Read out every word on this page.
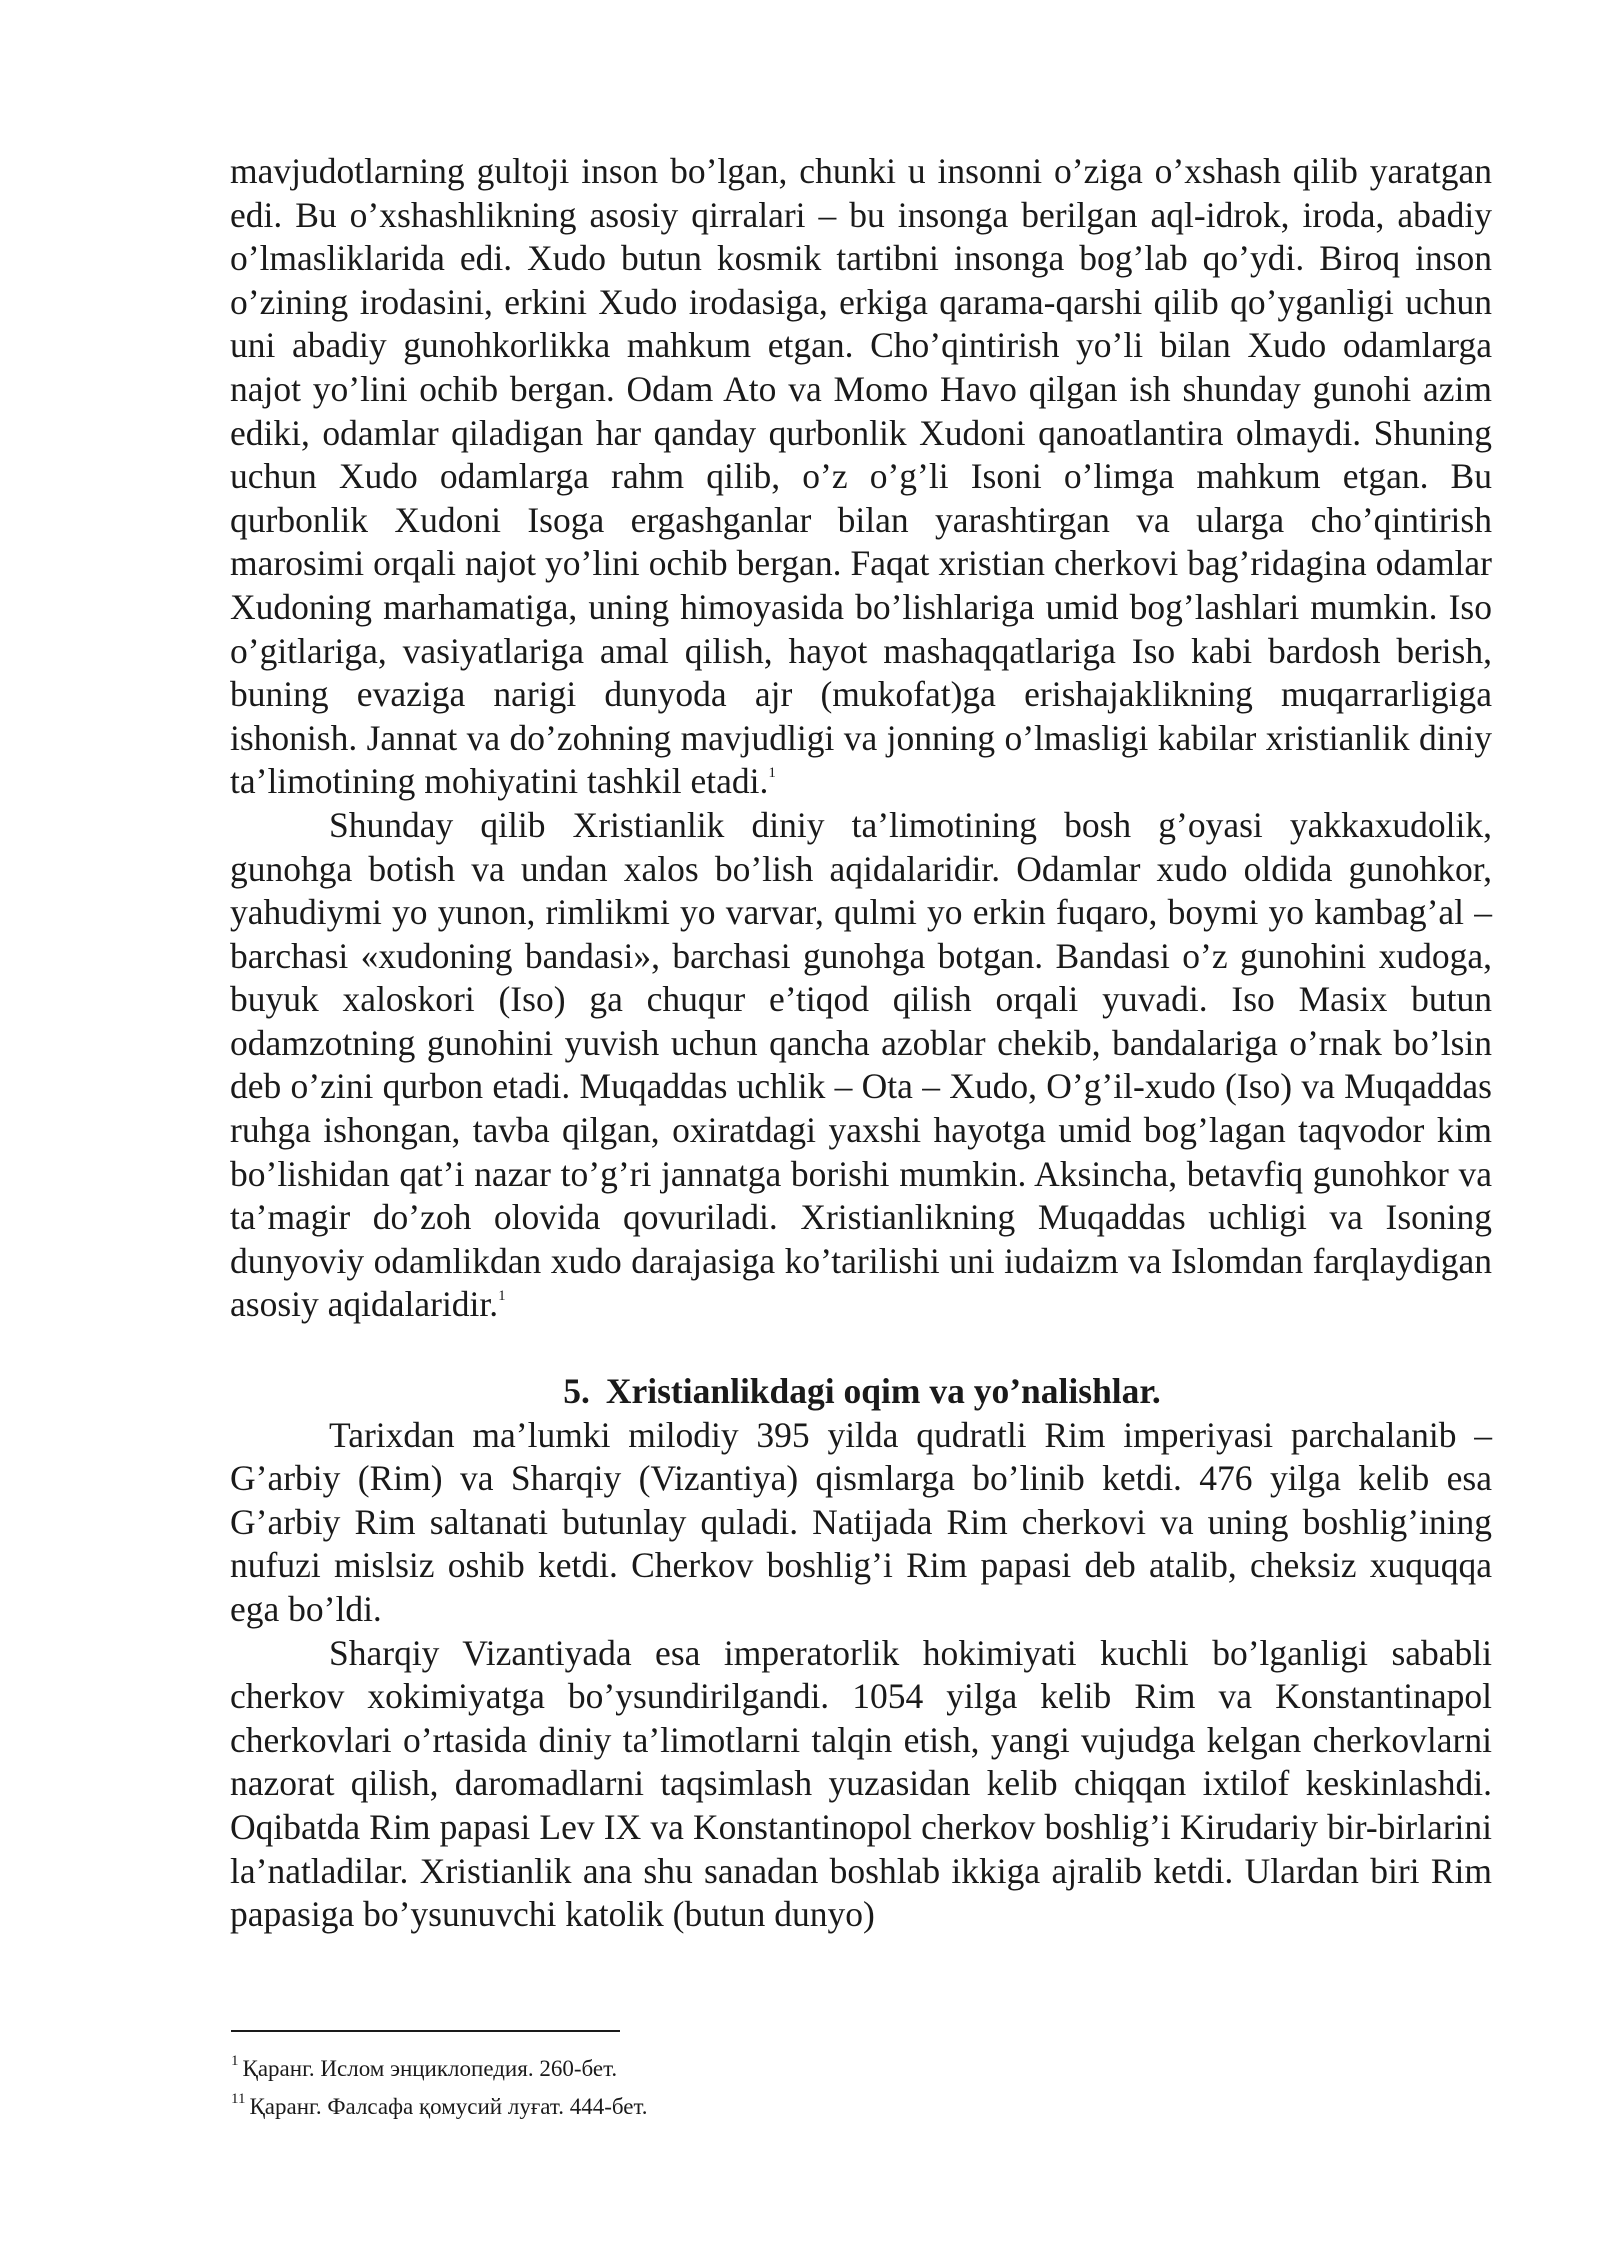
mavjudotlarning gultoji inson bo’lgan, chunki u insonni o’ziga o’xshash qilib yaratgan edi. Bu o’xshashlikning asosiy qirralari – bu insonga berilgan aql-idrok, iroda, abadiy o’lmasliklarida edi. Xudo butun kosmik tartibni insonga bog’lab qo’ydi. Biroq inson o’zining irodasini, erkini Xudo irodasiga, erkiga qarama-qarshi qilib qo’yganligi uchun uni abadiy gunohkorlikka mahkum etgan. Cho’qintirish yo’li bilan Xudo odamlarga najot yo’lini ochib bergan. Odam Ato va Momo Havo qilgan ish shunday gunohi azim ediki, odamlar qiladigan har qanday qurbonlik Xudoni qanoatlantira olmaydi. Shuning uchun Xudo odamlarga rahm qilib, o’z o’g’li Isoni o’limga mahkum etgan. Bu qurbonlik Xudoni Isoga ergashganlar bilan yarashtirgan va ularga cho’qintirish marosimi orqali najot yo’lini ochib bergan. Faqat xristian cherkovi bag’ridagina odamlar Xudoning marhamatiga, uning himoyasida bo’lishlariga umid bog’lashlari mumkin. Iso o’gitlariga, vasiyatlariga amal qilish, hayot mashaqqatlariga Iso kabi bardosh berish, buning evaziga narigi dunyoda ajr (mukofat)ga erishajaklikning muqarrarligiga ishonish. Jannat va do’zohning mavjudligi va jonning o’lmasligi kabilar xristianlik diniy ta’limotining mohiyatini tashkil etadi.$^1$

Shunday qilib Xristianlik diniy ta’limotining bosh g’oyasi yakkaxudolik, gunohga botish va undan xalos bo’lish aqidalaridir. Odamlar xudo oldida gunohkor, yahudiymi yo yunon, rimlikmi yo varvar, qulmi yo erkin fuqaro, boymi yo kambag’al – barchasi «xudoning bandasi», barchasi gunohga botgan. Bandasi o’z gunohini xudoga, buyuk xaloskori (Iso) ga chuqur e’tiqod qilish orqali yuvadi. Iso Masix butun odamzotning gunohini yuvish uchun qancha azoblar chekib, bandalariga o’rnak bo’lsin deb o’zini qurbon etadi. Muqaddas uchlik – Ota – Xudo, O’g’il-xudo (Iso) va Muqaddas ruhga ishongan, tavba qilgan, oxiratdagi yaxshi hayotga umid bog’lagan taqvodor kim bo’lishidan qat’i nazar to’g’ri jannatga borishi mumkin. Aksincha, betavfiq gunohkor va ta’magir do’zoh olovida qovuriladi. Xristianlikning Muqaddas uchligi va Isoning dunyoviy odamlikdan xudo darajasiga ko’tarilishi uni iudaizm va Islomdan farqlaydigan asosiy aqidalaridir.$^1$

5. Xristianlikdagi oqim va yo’nalishlar.

Tarixdan ma’lumki milodiy 395 yilda qudratli Rim imperiyasi parchalanib – G’arbiy (Rim) va Sharqiy (Vizantiya) qismlarga bo’linib ketdi. 476 yilga kelib esa G’arbiy Rim saltanati butunlay quladi. Natijada Rim cherkovi va uning boshlig’ining nufuzi mislsiz oshib ketdi. Cherkov boshlig’i Rim papasi deb atalib, cheksiz xuquqqa ega bo’ldi.

Sharqiy Vizantiyada esa imperatorlik hokimiyati kuchli bo’lganligi sababli cherkov xokimiyatga bo’ysundirilgandi. 1054 yilga kelib Rim va Konstantinapol cherkovlari o’rtasida diniy ta’limotlarni talqin etish, yangi vujudga kelgan cherkovlarni nazorat qilish, daromadlarni taqsimlash yuzasidan kelib chiqqan ixtilof keskinlashdi. Oqibatda Rim papasi Lev IX va Konstantinopol cherkov boshlig’i Kirudariy bir-birlarini la’natladilar. Xristianlik ana shu sanadan boshlab ikkiga ajralib ketdi. Ulardan biri Rim papasiga bo’ysunuvchi katolik (butun dunyo)

$^1$ Қаранг. Ислом энциклопедия. 260-бет.

$^{11}$ Қаранг. Фалсафа қомусий луғат. 444-бет.
